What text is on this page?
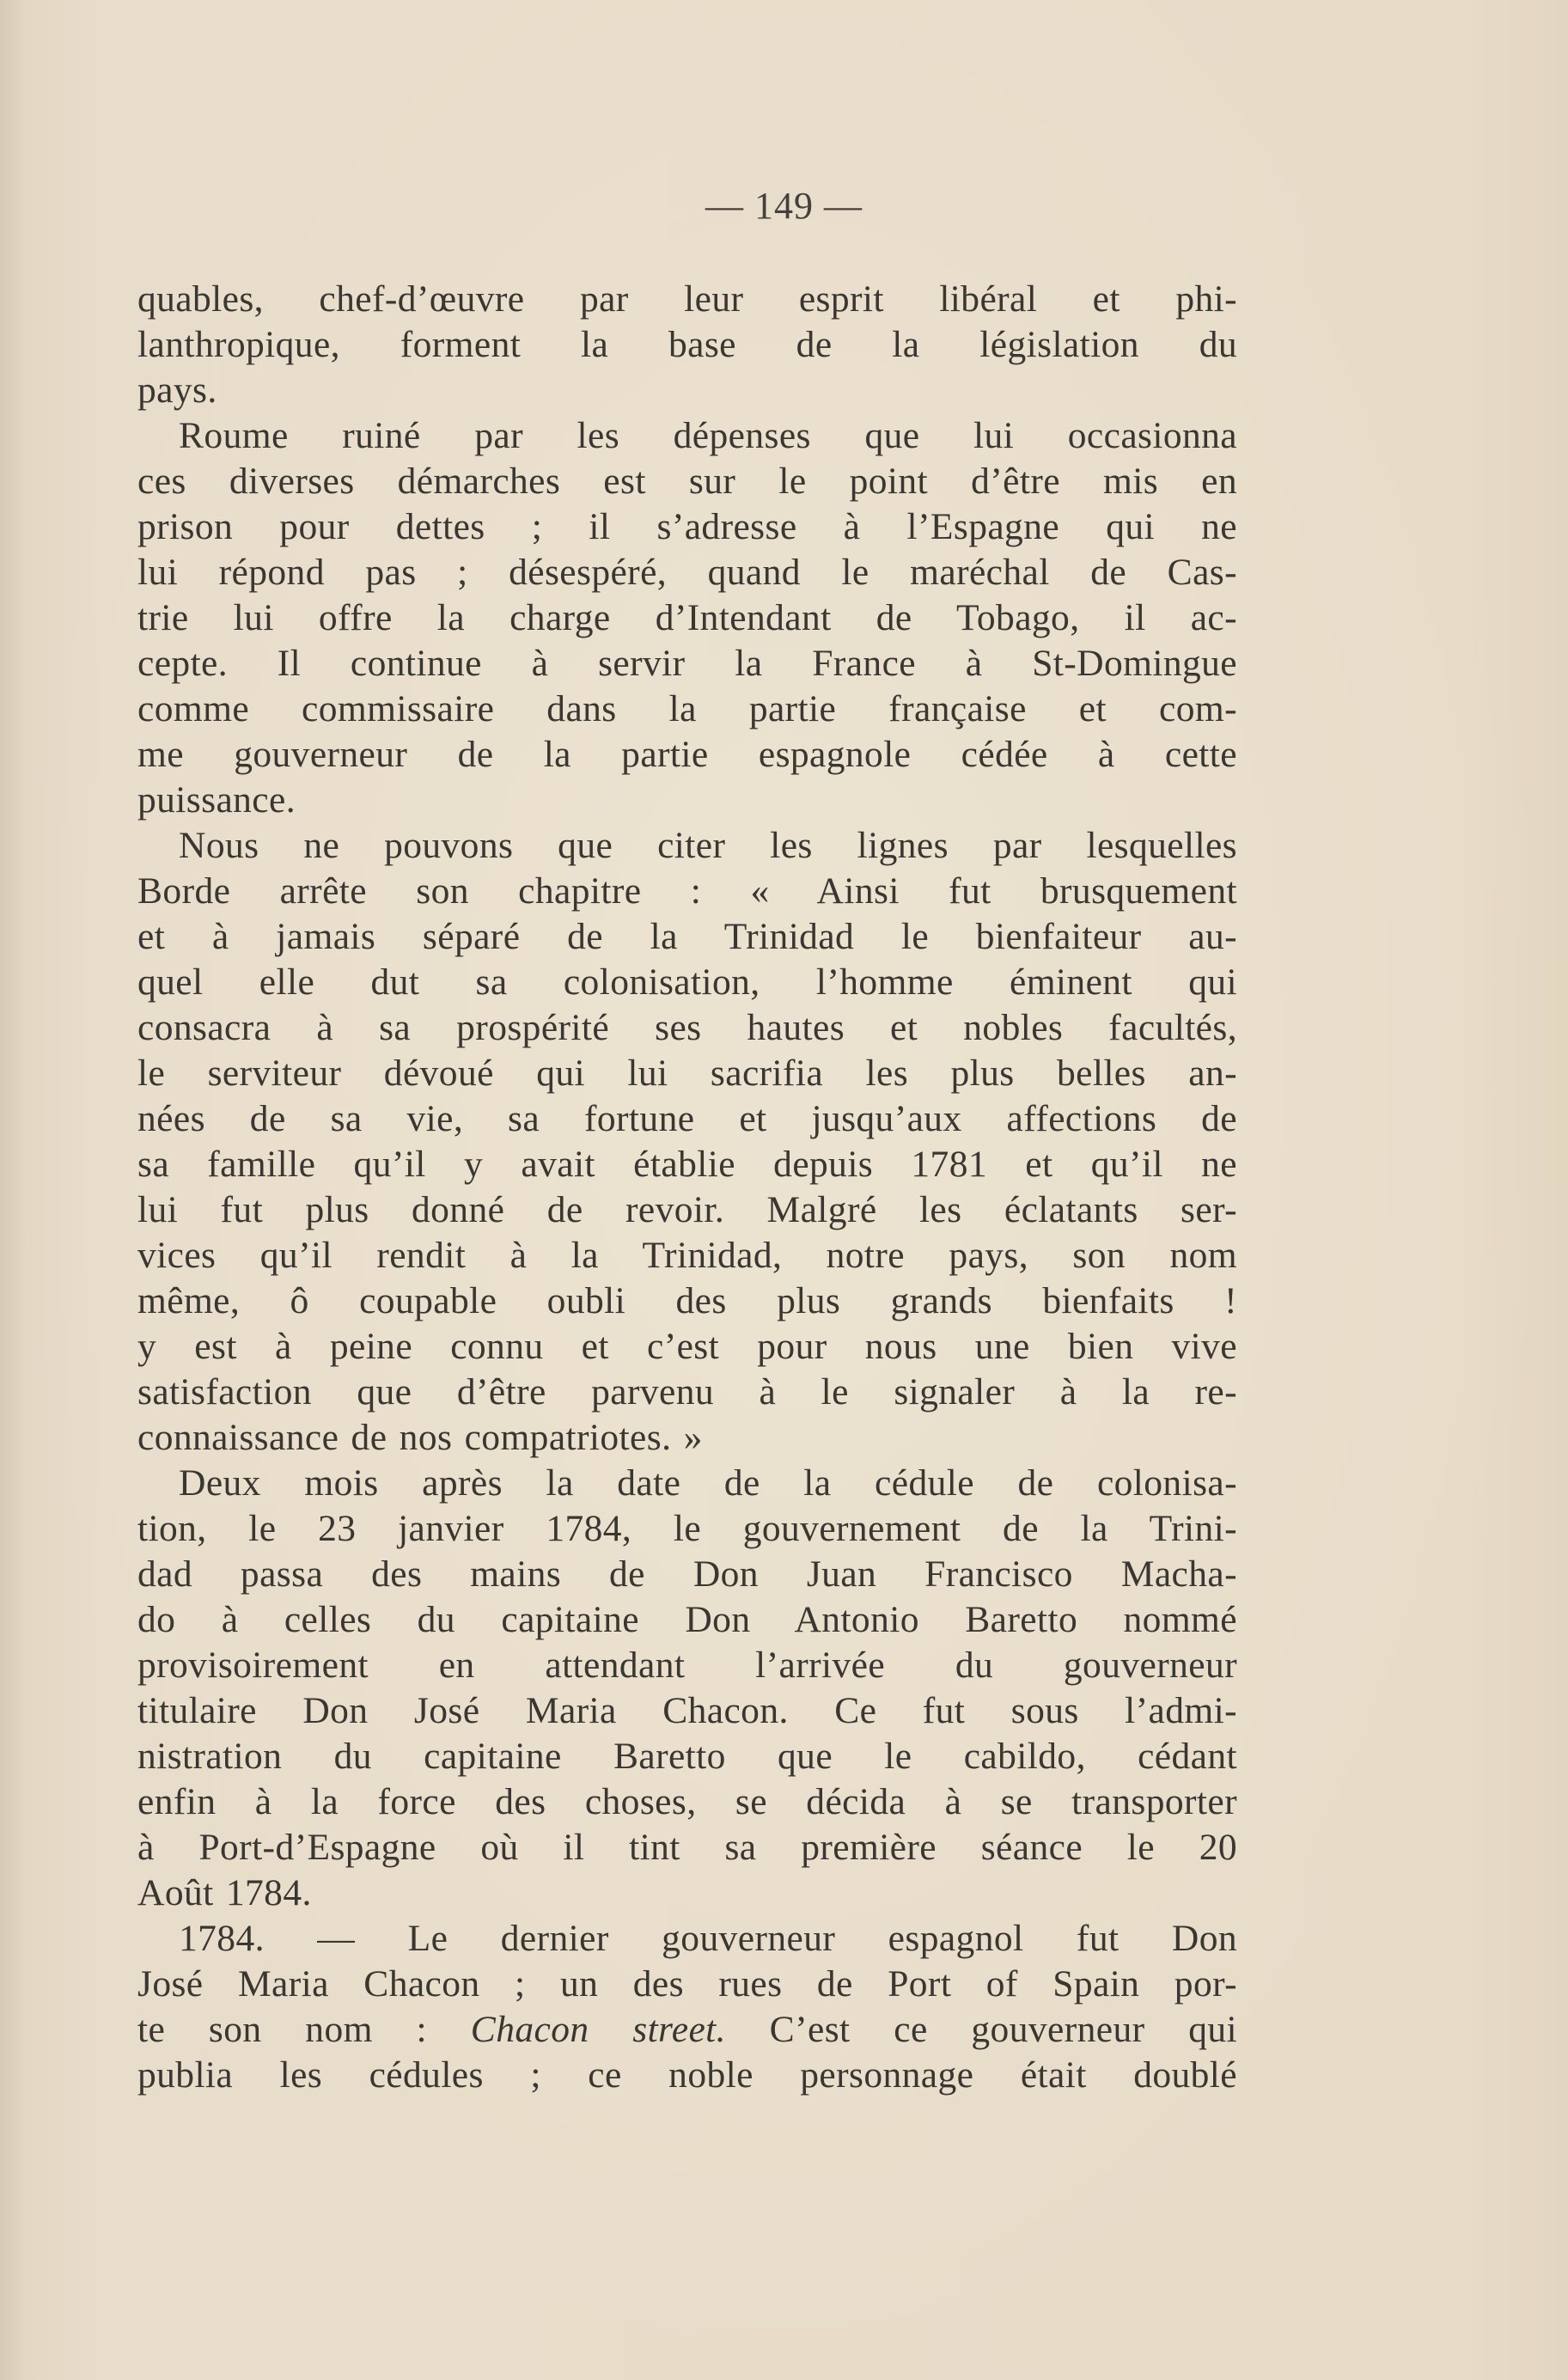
— 149 —
quables, chef-d’œuvre par leur esprit libéral et phi-
lanthropique, forment la base de la législation du
pays.
Roume ruiné par les dépenses que lui occasionna
ces diverses démarches est sur le point d’être mis en
prison pour dettes ; il s’adresse à l’Espagne qui ne
lui répond pas ; désespéré, quand le maréchal de Cas-
trie lui offre la charge d’Intendant de Tobago, il ac-
cepte. Il continue à servir la France à St-Domingue
comme commissaire dans la partie française et com-
me gouverneur de la partie espagnole cédée à cette
puissance.
Nous ne pouvons que citer les lignes par lesquelles
Borde arrête son chapitre : « Ainsi fut brusquement
et à jamais séparé de la Trinidad le bienfaiteur au-
quel elle dut sa colonisation, l’homme éminent qui
consacra à sa prospérité ses hautes et nobles facultés,
le serviteur dévoué qui lui sacrifia les plus belles an-
nées de sa vie, sa fortune et jusqu’aux affections de
sa famille qu’il y avait établie depuis 1781 et qu’il ne
lui fut plus donné de revoir. Malgré les éclatants ser-
vices qu’il rendit à la Trinidad, notre pays, son nom
même, ô coupable oubli des plus grands bienfaits !
y est à peine connu et c’est pour nous une bien vive
satisfaction que d’être parvenu à le signaler à la re-
connaissance de nos compatriotes. »
Deux mois après la date de la cédule de colonisa-
tion, le 23 janvier 1784, le gouvernement de la Trini-
dad passa des mains de Don Juan Francisco Macha-
do à celles du capitaine Don Antonio Baretto nommé
provisoirement en attendant l’arrivée du gouverneur
titulaire Don José Maria Chacon. Ce fut sous l’admi-
nistration du capitaine Baretto que le cabildo, cédant
enfin à la force des choses, se décida à se transporter
à Port-d’Espagne où il tint sa première séance le 20
Août 1784.
1784. — Le dernier gouverneur espagnol fut Don
José Maria Chacon ; un des rues de Port of Spain por-
te son nom : Chacon street. C’est ce gouverneur qui
publia les cédules ; ce noble personnage était doublé
